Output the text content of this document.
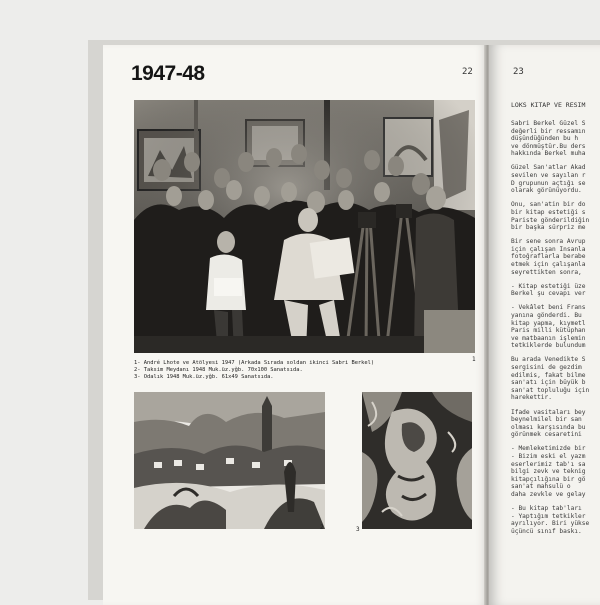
1947-48	22	23
1
1- André Lhote ve Atölyesi 1947 (Arkada Sırada soldan ikinci Sabri Berkel)
2- Taksim Meydanı 1948 Muk.üz.yğb. 70x100 Sanatsıda.
3- Odalık 1948 Muk.üz.yğb. 61x49 Sanatsıda.
2	3
LOKS KITAP VE RESIM
Sabri Berkel Güzel S
değerli bir ressamın
düşündüğünden bu h
ve dönmüştür.Bu ders
hakkında Berkel muha
Güzel San'atlar Akad
sevilen ve sayılan r
D grupunun açtığı se
olarak görünüyordu.
Onu, san'atin bir do
bir kitap estetiği s
Pariste gönderildiğin
bir başka sürpriz me
Bir sene sonra Avrup
için çalışan İnsanla
fotoğraflarla berabe
etmek için çalışanla
seyrettikten sonra,
- Kitap estetiği üze
Berkel şu cevapı ver
- Vekâlet beni Frans
yanına gönderdi. Bu
kitap yapma, kıymetl
Paris milli kütüphan
ve matbaanın işlemin
tetkiklerde bulundum
Bu arada Venedikte S
sergisini de gezdim
edilmis, fakat bilme
san'atı için büyük b
san'at topluluğu için
harekettir.
İfade vasitaları bey
beynelmilel bir san
olması karşısında bu
görünmek cesaretini
- Memleketimizde bir
- Bizim eski el yazm
eserlerimiz tab'ı sa
bilgi zevk ve teknig
kitapçılığına bir gö
san'at mahsulü o
daha zevkle ve gelay
- Bu kitap tab'ları
- Yaptığım tetkikler
ayrılıyor. Biri yükse
üçüncü sınıf baskı.
